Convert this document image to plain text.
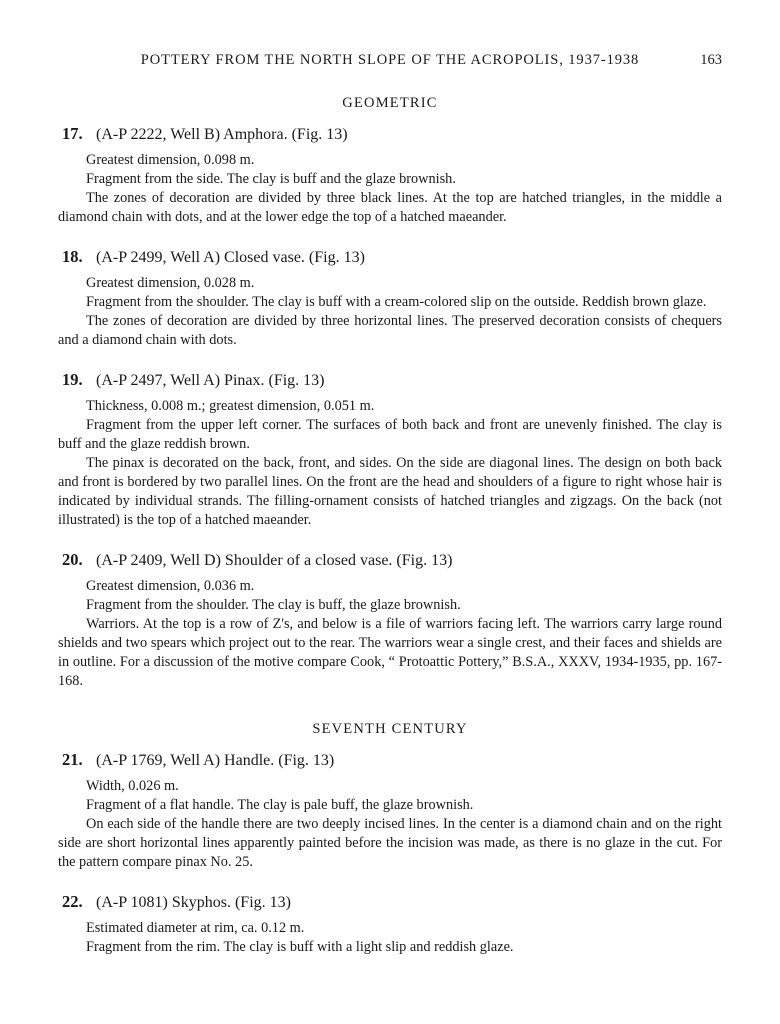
POTTERY FROM THE NORTH SLOPE OF THE ACROPOLIS, 1937-1938	163
GEOMETRIC
17. (A-P 2222, Well B) Amphora. (Fig. 13)

Greatest dimension, 0.098 m.

Fragment from the side. The clay is buff and the glaze brownish.

The zones of decoration are divided by three black lines. At the top are hatched triangles, in the middle a diamond chain with dots, and at the lower edge the top of a hatched maeander.

18. (A-P 2499, Well A) Closed vase. (Fig. 13)

Greatest dimension, 0.028 m.

Fragment from the shoulder. The clay is buff with a cream-colored slip on the outside. Reddish brown glaze.

The zones of decoration are divided by three horizontal lines. The preserved decoration consists of chequers and a diamond chain with dots.

19. (A-P 2497, Well A) Pinax. (Fig. 13)

Thickness, 0.008 m.; greatest dimension, 0.051 m.

Fragment from the upper left corner. The surfaces of both back and front are unevenly finished. The clay is buff and the glaze reddish brown.

The pinax is decorated on the back, front, and sides. On the side are diagonal lines. The design on both back and front is bordered by two parallel lines. On the front are the head and shoulders of a figure to right whose hair is indicated by individual strands. The filling-ornament consists of hatched triangles and zigzags. On the back (not illustrated) is the top of a hatched maeander.

20. (A-P 2409, Well D) Shoulder of a closed vase. (Fig. 13)

Greatest dimension, 0.036 m.

Fragment from the shoulder. The clay is buff, the glaze brownish.

Warriors. At the top is a row of Z's, and below is a file of warriors facing left. The warriors carry large round shields and two spears which project out to the rear. The warriors wear a single crest, and their faces and shields are in outline. For a discussion of the motive compare Cook, “ Protoattic Pottery,” B.S.A., XXXV, 1934-1935, pp. 167-168.

SEVENTH CENTURY
21. (A-P 1769, Well A) Handle. (Fig. 13)

Width, 0.026 m.

Fragment of a flat handle. The clay is pale buff, the glaze brownish.

On each side of the handle there are two deeply incised lines. In the center is a diamond chain and on the right side are short horizontal lines apparently painted before the incision was made, as there is no glaze in the cut. For the pattern compare pinax No. 25.

22. (A-P 1081) Skyphos. (Fig. 13)

Estimated diameter at rim, ca. 0.12 m.

Fragment from the rim. The clay is buff with a light slip and reddish glaze.
